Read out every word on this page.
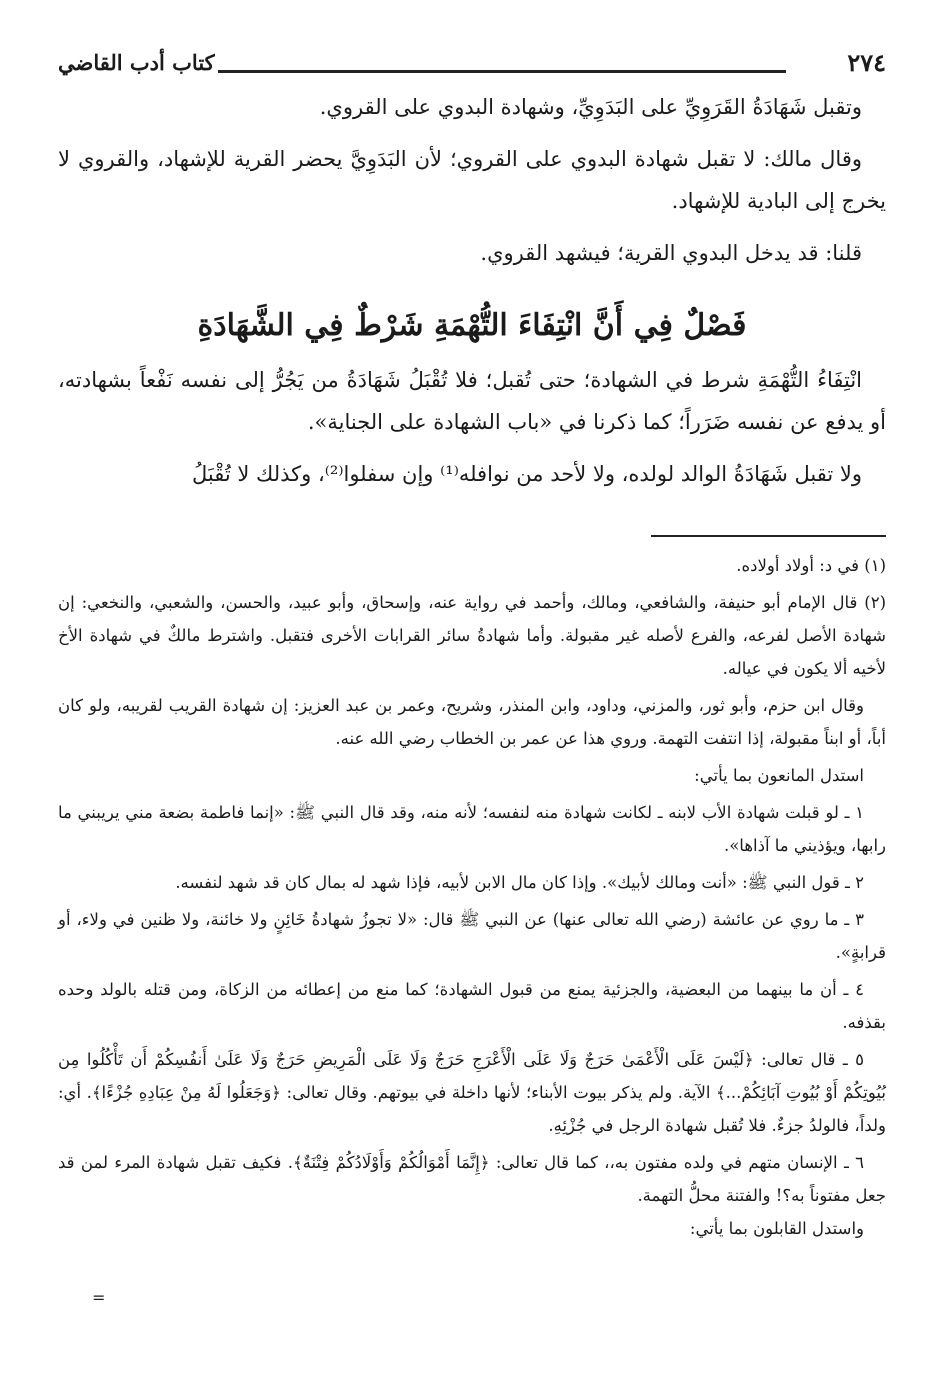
٢٧٤
كتاب أدب القاضي

وتقبل شَهَادَةُ القَرَوِيِّ على البَدَوِيِّ، وشهادة البدوي على القروي.

وقال مالك: لا تقبل شهادة البدوي على القروي؛ لأن البَدَوِيَّ يحضر القرية للإشهاد، والقروي لا يخرج إلى البادية للإشهاد.

قلنا: قد يدخل البدوي القرية؛ فيشهد القروي.

فَصْلٌ فِي أَنَّ انْتِفَاءَ التُّهْمَةِ شَرْطٌ فِي الشَّهَادَةِ

انْتِفَاءُ التُّهْمَةِ شرط في الشهادة؛ حتى تُقبل؛ فلا تُقْبَلُ شَهَادَةُ من يَجُرُّ إلى نفسه نَفْعاً بشهادته، أو يدفع عن نفسه ضَرَراً؛ كما ذكرنا في «باب الشهادة على الجناية».

ولا تقبل شَهَادَةُ الوالد لولده، ولا لأحد من نوافله⁽¹⁾ وإن سفلوا⁽²⁾، وكذلك لا تُقْبَلُ

(١) في د: أولاد أولاده.

(٢) قال الإمام أبو حنيفة، والشافعي، ومالك، وأحمد في رواية عنه، وإسحاق، وأبو عبيد، والحسن، والشعبي، والنخعي: إن شهادة الأصل لفرعه، والفرع لأصله غير مقبولة. وأما شهادةُ سائر القرابات الأخرى فتقبل. واشترط مالكٌ في شهادة الأخ لأخيه ألا يكون في عياله.

وقال ابن حزم، وأبو ثور، والمزني، وداود، وابن المنذر، وشريح، وعمر بن عبد العزيز: إن شهادة القريب لقريبه، ولو كان أباً، أو ابناً مقبولة، إذا انتفت التهمة. وروي هذا عن عمر بن الخطاب رضي الله عنه.

استدل المانعون بما يأتي:

١ ـ لو قبلت شهادة الأب لابنه ـ لكانت شهادة منه لنفسه؛ لأنه منه، وقد قال النبي ﷺ: «إنما فاطمة بضعة مني يريبني ما رابها، ويؤذيني ما آذاها».

٢ ـ قول النبي ﷺ: «أنت ومالك لأبيك». وإذا كان مال الابن لأبيه، فإذا شهد له بمال كان قد شهد لنفسه.

٣ ـ ما روي عن عائشة (رضي الله تعالى عنها) عن النبي ﷺ قال: «لا تجوزُ شهادةُ خَائِنٍ ولا خائنة، ولا ظنين في ولاء، أو قرابةٍ».

٤ ـ أن ما بينهما من البعضية، والجزئية يمنع من قبول الشهادة؛ كما منع من إعطائه من الزكاة، ومن قتله بالولد وحده بقذفه.

٥ ـ قال تعالى: ﴿لَيْسَ عَلَى الْأَعْمَىٰ حَرَجٌ وَلَا عَلَى الْأَعْرَجِ حَرَجٌ وَلَا عَلَى الْمَرِيضِ حَرَجٌ وَلَا عَلَىٰ أَنفُسِكُمْ أَن تَأْكُلُوا مِن بُيُوتِكُمْ أَوْ بُيُوتِ آبَائِكُمْ...﴾ الآية. ولم يذكر بيوت الأبناء؛ لأنها داخلة في بيوتهم. وقال تعالى: ﴿وَجَعَلُوا لَهُ مِنْ عِبَادِهِ جُزْءًا﴾. أي: ولداً، فالولدُ جزءٌ. فلا تُقبل شهادة الرجل في جُزْئِهِ.

٦ ـ الإنسان متهم في ولده مفتون به،، كما قال تعالى: ﴿إِنَّمَا أَمْوَالُكُمْ وَأَوْلَادُكُمْ فِتْنَةٌ﴾. فكيف تقبل شهادة المرء لمن قد جعل مفتوناً به؟! والفتنة محلُّ التهمة.

واستدل القابلون بما يأتي:

=
